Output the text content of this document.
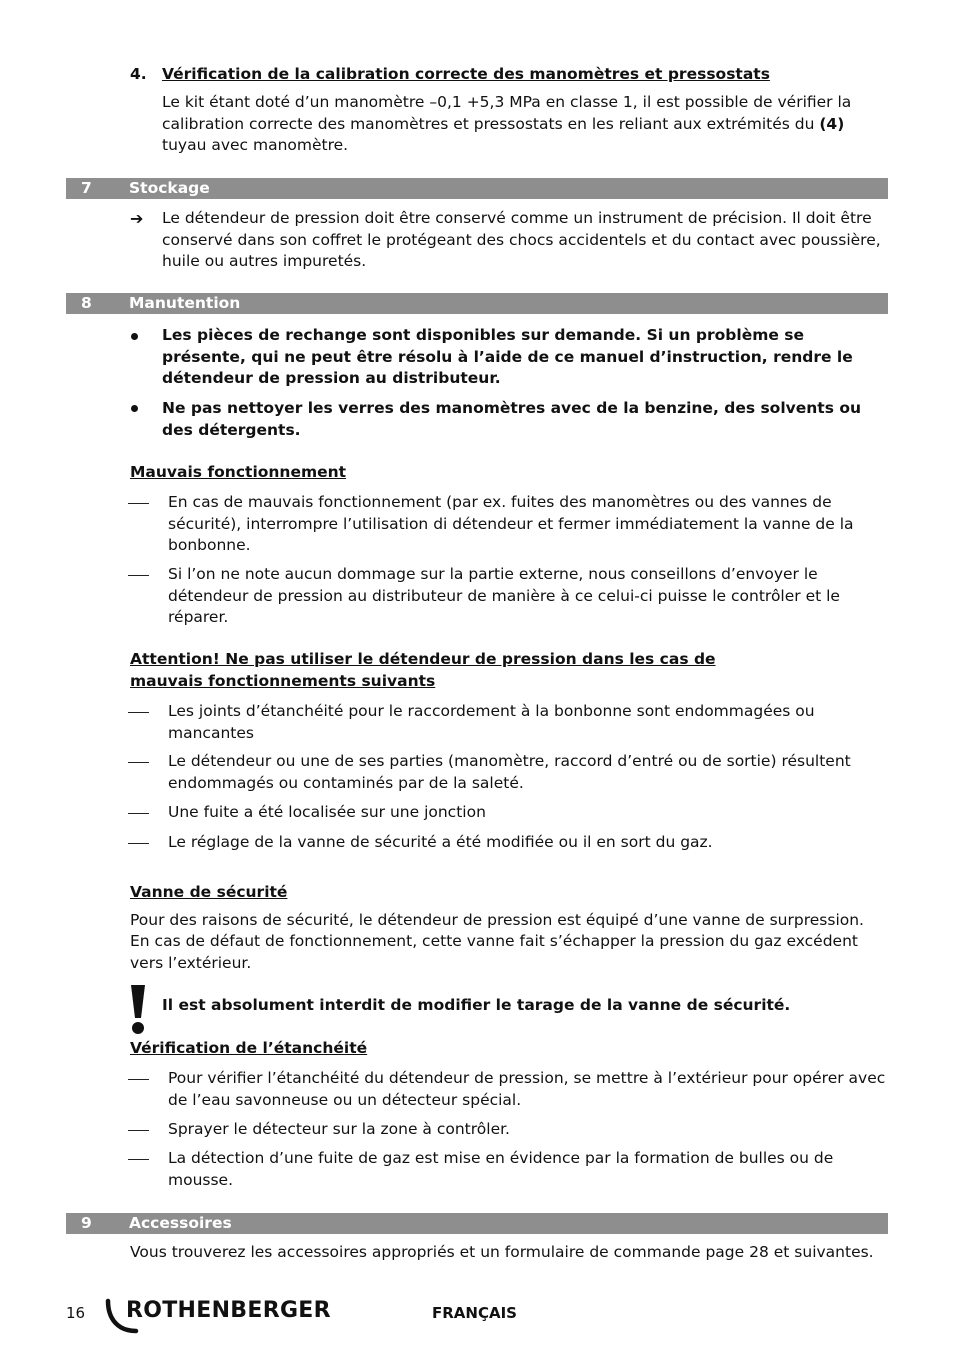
4. Vérification de la calibration correcte des manomètres et pressostats
Le kit étant doté d’un manomètre –0,1 +5,3 MPa en classe 1, il est possible de vérifier la calibration correcte des manomètres et pressostats en les reliant aux extrémités du (4) tuyau avec manomètre.
7 Stockage
➔ Le détendeur de pression doit être conservé comme un instrument de précision. Il doit être conservé dans son coffret le protégeant des chocs accidentels et du contact avec poussière, huile ou autres impuretés.
8 Manutention
Les pièces de rechange sont disponibles sur demande. Si un problème se présente, qui ne peut être résolu à l’aide de ce manuel d’instruction, rendre le détendeur de pression au distributeur.
Ne pas nettoyer les verres des manomètres avec de la benzine, des solvents ou des détergents.
Mauvais fonctionnement
En cas de mauvais fonctionnement (par ex. fuites des manomètres ou des vannes de sécurité), interrompre l’utilisation di détendeur et fermer immédiatement la vanne de la bonbonne.
Si l’on ne note aucun dommage sur la partie externe, nous conseillons d’envoyer le détendeur de pression au distributeur de manière à ce celui-ci puisse le contrôler et le réparer.
Attention! Ne pas utiliser le détendeur de pression dans les cas de mauvais fonctionnements suivants
Les joints d’étanchéité pour le raccordement à la bonbonne sont endommagées ou mancantes
Le détendeur ou une de ses parties (manomètre, raccord d’entré ou de sortie) résultent endommagés ou contaminés par de la saleté.
Une fuite a été localisée sur une jonction
Le réglage de la vanne de sécurité a été modifiée ou il en sort du gaz.
Vanne de sécurité
Pour des raisons de sécurité, le détendeur de pression est équipé d’une vanne de surpression.
En cas de défaut de fonctionnement, cette vanne fait s’échapper la pression du gaz excédent vers l’extérieur.
Il est absolument interdit de modifier le tarage de la vanne de sécurité.
Vérification de l’étanchéité
Pour vérifier l’étanchéité du détendeur de pression, se mettre à l’extérieur pour opérer avec de l’eau savonneuse ou un détecteur spécial.
Sprayer le détecteur sur la zone à contrôler.
La détection d’une fuite de gaz est mise en évidence par la formation de bulles ou de mousse.
9 Accessoires
Vous trouverez les accessoires appropriés et un formulaire de commande page 28 et suivantes.
16 ROTHENBERGER	FRANÇAIS
